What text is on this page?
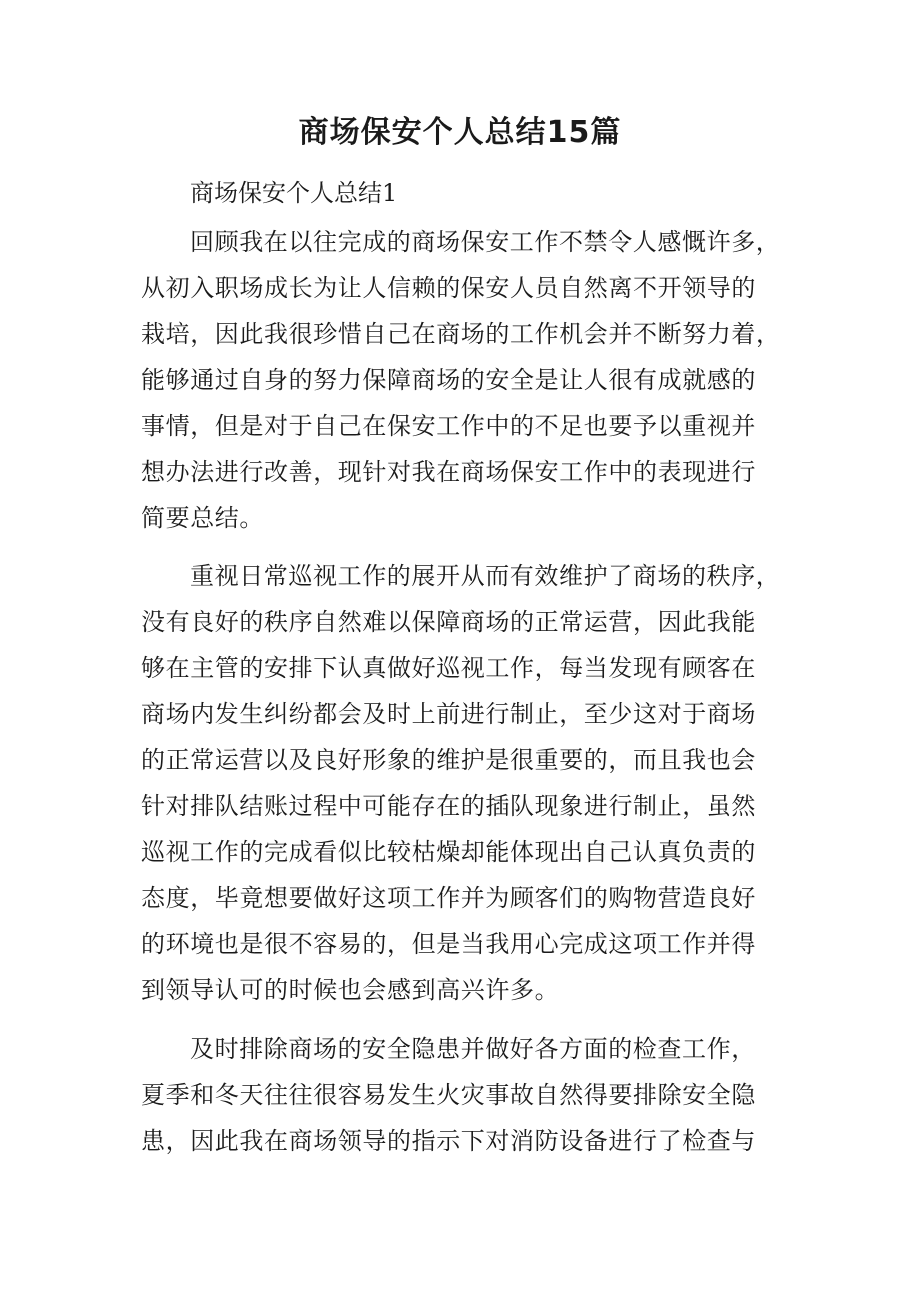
商场保安个人总结15篇

商场保安个人总结1

回顾我在以往完成的商场保安工作不禁令人感慨许多，
从初入职场成长为让人信赖的保安人员自然离不开领导的
栽培，因此我很珍惜自己在商场的工作机会并不断努力着，
能够通过自身的努力保障商场的安全是让人很有成就感的
事情，但是对于自己在保安工作中的不足也要予以重视并
想办法进行改善，现针对我在商场保安工作中的表现进行
简要总结。
重视日常巡视工作的展开从而有效维护了商场的秩序，
没有良好的秩序自然难以保障商场的正常运营，因此我能
够在主管的安排下认真做好巡视工作，每当发现有顾客在
商场内发生纠纷都会及时上前进行制止，至少这对于商场
的正常运营以及良好形象的维护是很重要的，而且我也会
针对排队结账过程中可能存在的插队现象进行制止，虽然
巡视工作的完成看似比较枯燥却能体现出自己认真负责的
态度，毕竟想要做好这项工作并为顾客们的购物营造良好
的环境也是很不容易的，但是当我用心完成这项工作并得
到领导认可的时候也会感到高兴许多。
及时排除商场的安全隐患并做好各方面的检查工作，
夏季和冬天往往很容易发生火灾事故自然得要排除安全隐
患，因此我在商场领导的指示下对消防设备进行了检查与
